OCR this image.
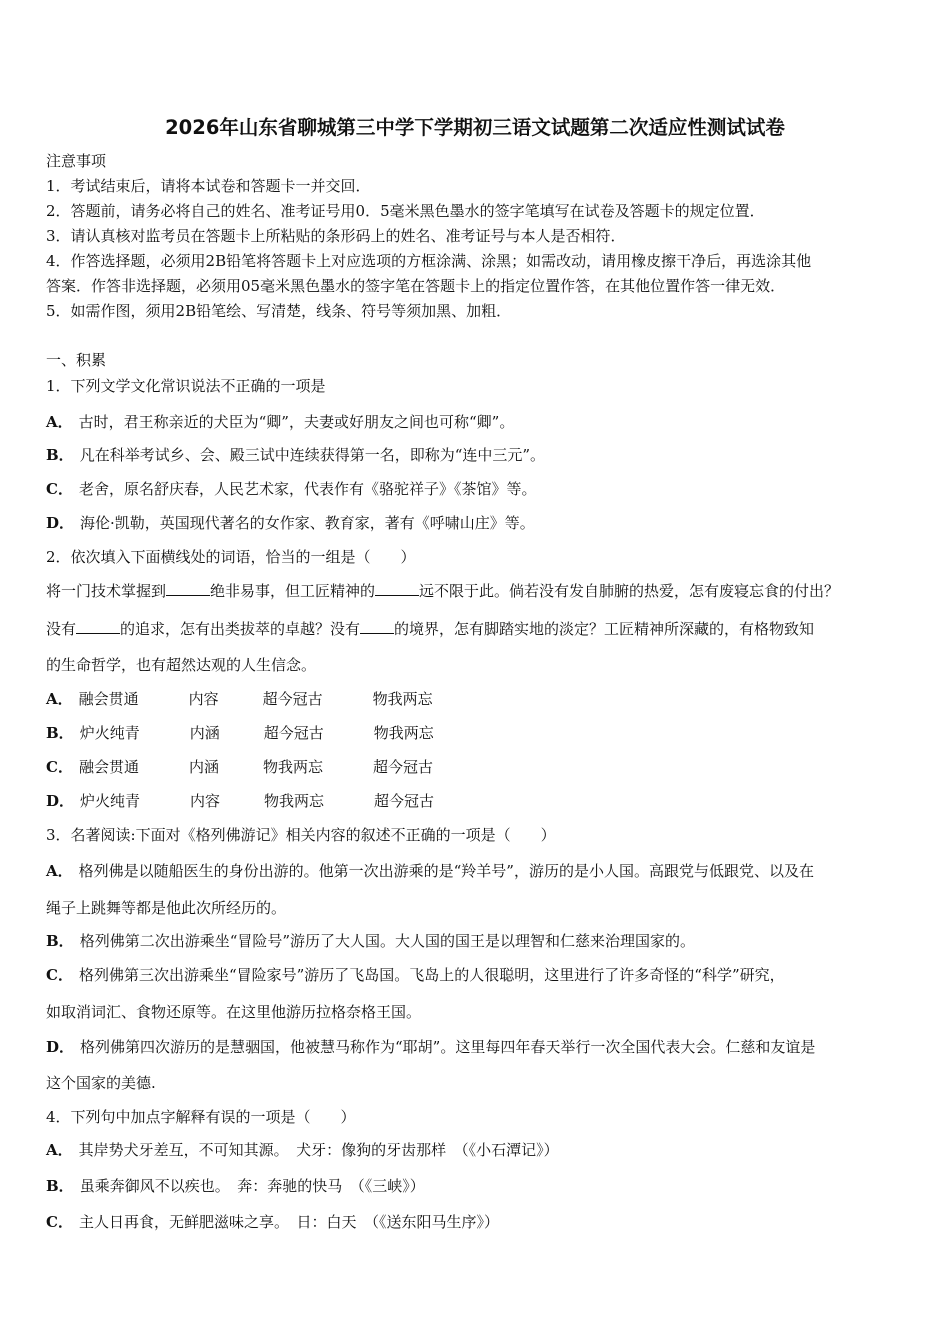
2026年山东省聊城第三中学下学期初三语文试题第二次适应性测试试卷
注意事项
1．考试结束后，请将本试卷和答题卡一并交回．
2．答题前，请务必将自己的姓名、准考证号用0．5毫米黑色墨水的签字笔填写在试卷及答题卡的规定位置．
3．请认真核对监考员在答题卡上所粘贴的条形码上的姓名、准考证号与本人是否相符．
4．作答选择题，必须用2B铅笔将答题卡上对应选项的方框涂满、涂黑；如需改动，请用橡皮擦干净后，再选涂其他
答案．作答非选择题，必须用05毫米黑色墨水的签字笔在答题卡上的指定位置作答，在其他位置作答一律无效．
5．如需作图，须用2B铅笔绘、写清楚，线条、符号等须加黑、加粗．
一、积累
1．下列文学文化常识说法不正确的一项是
A． 古时，君王称亲近的犬臣为“卿”，夫妻或好朋友之间也可称“卿”。
B． 凡在科举考试乡、会、殿三试中连续获得第一名，即称为“连中三元”。
C． 老舍，原名舒庆春，人民艺术家，代表作有《骆驼祥子》《茶馆》等。
D． 海伦·凯勒，英国现代著名的女作家、教育家，著有《呼啸山庄》等。
2．依次填入下面横线处的词语，恰当的一组是（　　）
将一门技术掌握到	绝非易事，但工匠精神的	远不限于此。倘若没有发自肺腑的热爱，怎有废寝忘食的付出？
没有	的追求，怎有出类拔萃的卓越？没有 的境界，怎有脚踏实地的淡定？工匠精神所深藏的，有格物致知
的生命哲学，也有超然达观的人生信念。
A． 融会贯通	内容	超今冠古	物我两忘
B． 炉火纯青	内涵	超今冠古	物我两忘
C． 融会贯通	内涵	物我两忘	超今冠古
D． 炉火纯青	内容	物我两忘	超今冠古
3．名著阅读:下面对《格列佛游记》相关内容的叙述不正确的一项是（　　）
A． 格列佛是以随船医生的身份出游的。他第一次出游乘的是“羚羊号”，游历的是小人国。高跟党与低跟党、以及在
绳子上跳舞等都是他此次所经历的。
B． 格列佛第二次出游乘坐“冒险号”游历了大人国。大人国的国王是以理智和仁慈来治理国家的。
C． 格列佛第三次出游乘坐“冒险家号”游历了飞岛国。飞岛上的人很聪明，这里进行了许多奇怪的“科学”研究，
如取消词汇、食物还原等。在这里他游历拉格奈格王国。
D． 格列佛第四次游历的是慧骃国，他被慧马称作为“耶胡”。这里每四年春天举行一次全国代表大会。仁慈和友谊是
这个国家的美德.
4．下列句中加点字解释有误的一项是（　　）
A． 其岸势犬牙差互，不可知其源。　犬牙：像狗的牙齿那样　（《小石潭记》）
B． 虽乘奔御风不以疾也。　奔：奔驰的快马　（《三峡》）
C． 主人日再食，无鲜肥滋味之享。　日：白天　（《送东阳马生序》）
